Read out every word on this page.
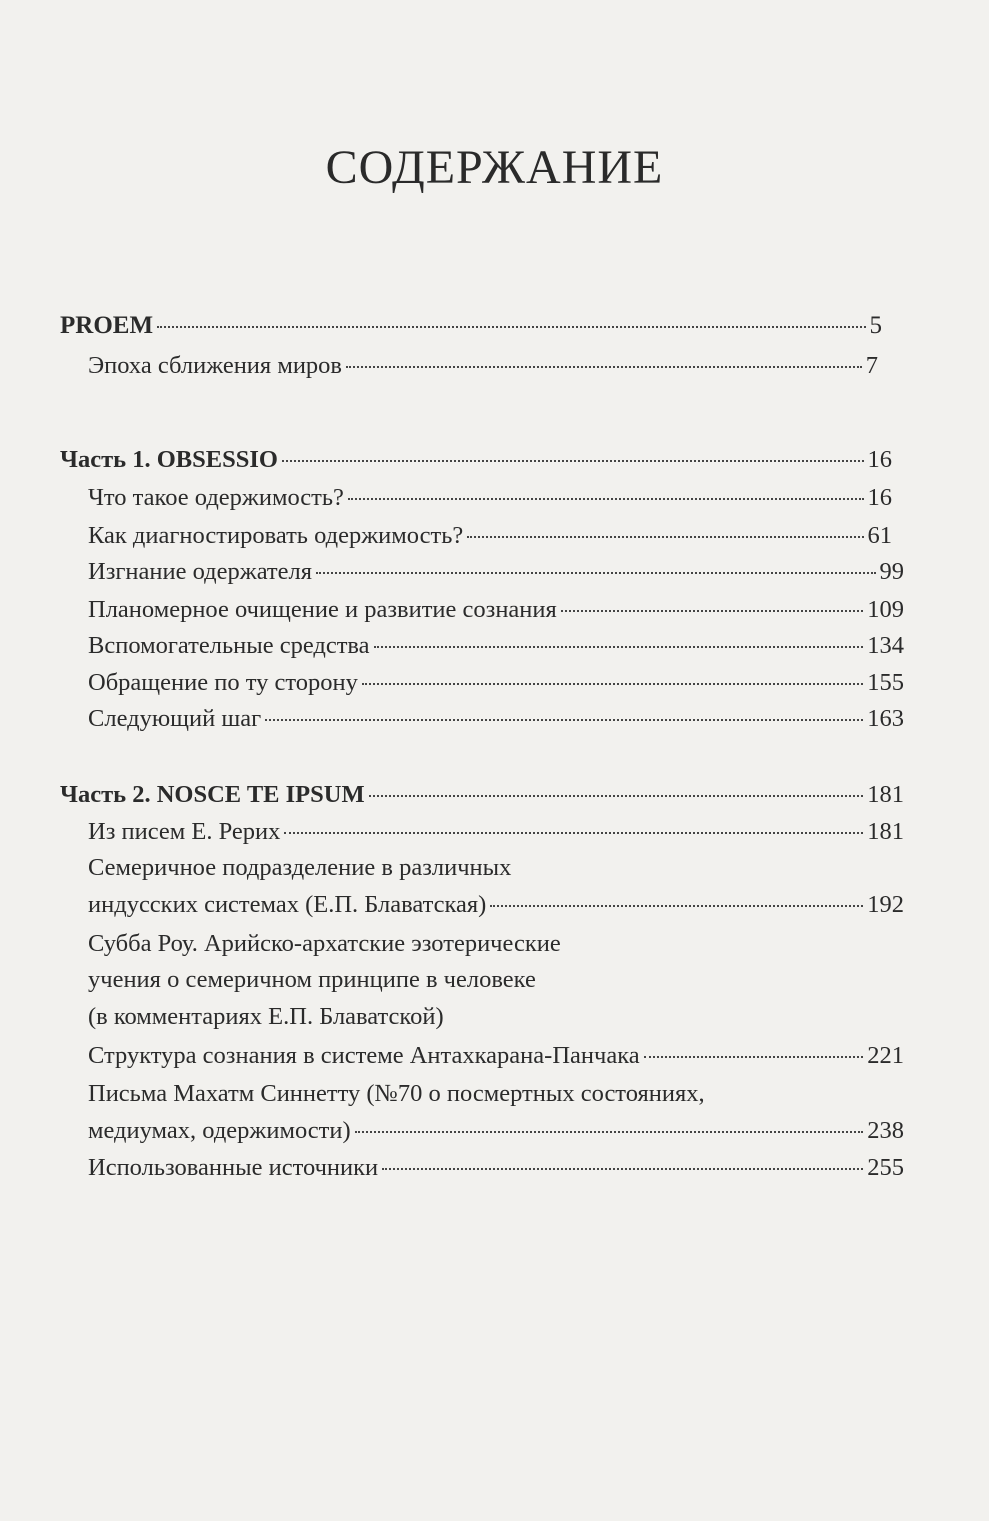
СОДЕРЖАНИЕ
PROEM	5
Эпоха сближения миров	7
Часть 1. OBSESSIO	16
Что такое одержимость?	16
Как диагностировать одержимость?	61
Изгнание одержателя	99
Планомерное очищение и развитие сознания	109
Вспомогательные средства	134
Обращение по ту сторону	155
Следующий шаг	163
Часть 2. NOSCE TE IPSUM	181
Из писем Е. Рерих	181
Семеричное подразделение в различных
индусских системах (Е.П. Блаватская)	192
Субба Роу. Арийско-архатские эзотерические
учения о семеричном принципе в человеке
(в комментариях Е.П. Блаватской)
Структура сознания в системе Антахкарана-Панчака	221
Письма Махатм Синнетту (№70 о посмертных состояниях,
медиумах, одержимости)	238
Использованные источники	255
